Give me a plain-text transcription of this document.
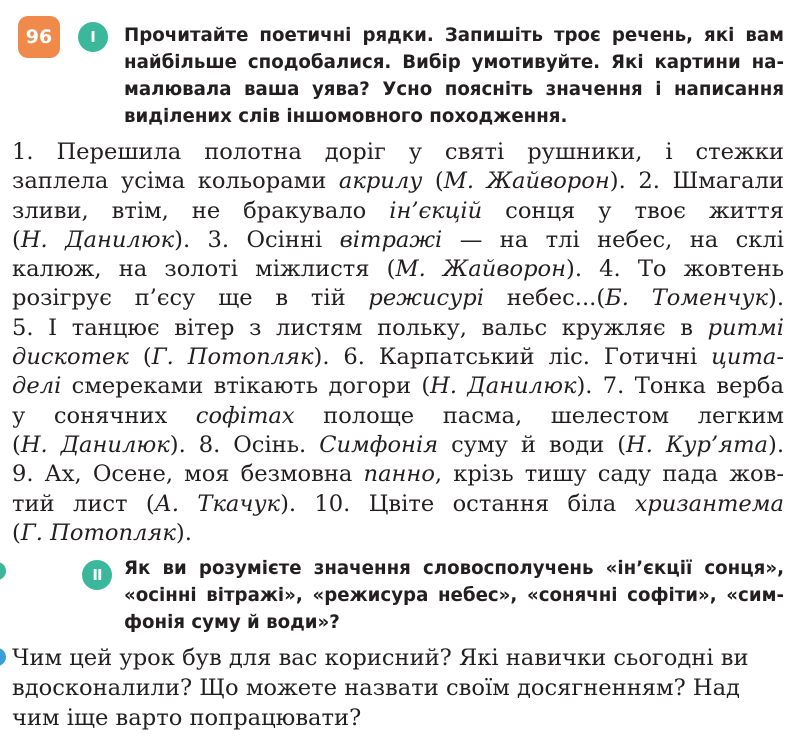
96	I	Прочитайте поетичні рядки. Запишіть троє речень, які вам
найбільше сподобалися. Вибір умотивуйте. Які картини на-
малювала ваша уява? Усно поясніть значення і написання
виділених слів іншомовного походження.
1. Перешила полотна доріг у святі рушники, і стежки
заплела усіма кольорами акрилу (М. Жайворон). 2. Шмагали
зливи, втім, не бракувало ін’єкцій сонця у твоє життя
(Н. Данилюк). 3. Осінні вітражі — на тлі небес, на склі
калюж, на золоті міжлистя (М. Жайворон). 4. То жовтень
розігрує п’єсу ще в тій режисурі небес...(Б. Томенчук).
5. І танцює вітер з листям польку, вальс кружляє в ритмі
дискотек (Г. Потопляк). 6. Карпатський ліс. Готичні цита-
делі смереками втікають догори (Н. Данилюк). 7. Тонка верба
у сонячних софітах полоще пасма, шелестом легким
(Н. Данилюк). 8. Осінь. Симфонія суму й води (Н. Кур’ята).
9. Ах, Осене, моя безмовна панно, крізь тишу саду пада жов-
тий лист (А. Ткачук). 10. Цвіте остання біла хризантема
(Г. Потопляк).
II Як ви розумієте значення словосполучень «ін’єкції сонця»,
«осінні вітражі», «режисура небес», «сонячні софіти», «сим-
фонія суму й води»?

Чим цей урок був для вас корисний? Які навички сьогодні ви вдосконалили? Що можете назвати своїм досягненням? Над чим іще варто попрацювати?
